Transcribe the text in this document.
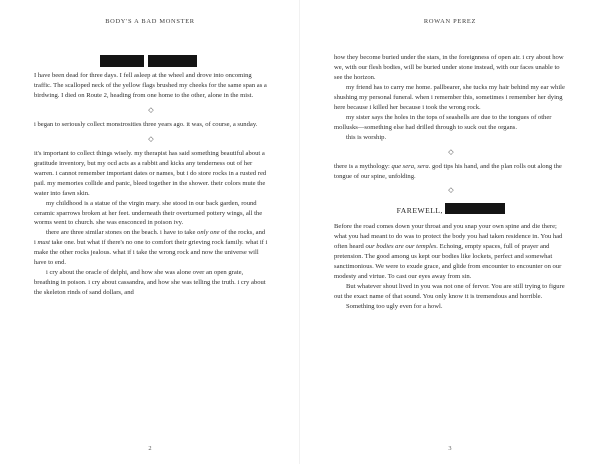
BODY'S A BAD MONSTER

I have been dead for three days. I fell asleep at the wheel and drove into oncoming traffic. The scalloped neck of the yellow flags brushed my cheeks for the same span as a birdwing. I died on Route 2, heading from one home to the other, alone in the mist.

◇

i began to seriously collect monstrosities three years ago. it was, of course, a sunday.

◇

it's important to collect things wisely. my therapist has said something beautiful about a gratitude inventory, but my ocd acts as a rabbit and kicks any tenderness out of her warren. i cannot remember important dates or names, but i do store rocks in a rusted red pail. my memories collide and panic, bleed together in the shower. their colors mute the water into fawn skin.

my childhood is a statue of the virgin mary. she stood in our back garden, round ceramic sparrows broken at her feet. underneath their overturned pottery wings, all the worms went to church. she was ensconced in poison ivy.

there are three similar stones on the beach. i have to take only one of the rocks, and i must take one. but what if there's no one to comfort their grieving rock family. what if i make the other rocks jealous. what if i take the wrong rock and now the universe will have to end.

i cry about the oracle of delphi, and how she was alone over an open grate, breathing in poison. i cry about cassandra, and how she was telling the truth. i cry about the skeleton rinds of sand dollars, and

2
ROWAN PEREZ

how they become buried under the stars, in the foreignness of open air. i cry about how we, with our flesh bodies, will be buried under stone instead, with our faces unable to see the horizon.

my friend has to carry me home. pallbearer, she tucks my hair behind my ear while shushing my personal funeral. when i remember this, sometimes i remember her dying here because i killed her because i took the wrong rock.

my sister says the holes in the tops of seashells are due to the tongues of other mollusks—something else had drilled through to suck out the organs.

this is worship.

◇

there is a mythology: que sera, sera. god tips his hand, and the plan rolls out along the tongue of our spine, unfolding.

◇
FAREWELL,

Before the road comes down your throat and you snap your own spine and die there; what you had meant to do was to protect the body you had taken residence in. You had often heard our bodies are our temples. Echoing, empty spaces, full of prayer and pretension. The good among us kept our bodies like lockets, perfect and somewhat sanctimonious. We were to exude grace, and glide from encounter to encounter on our modesty and virtue. To cast our eyes away from sin.

But whatever shout lived in you was not one of fervor. You are still trying to figure out the exact name of that sound. You only know it is tremendous and horrible.

Something too ugly even for a howl.

3
